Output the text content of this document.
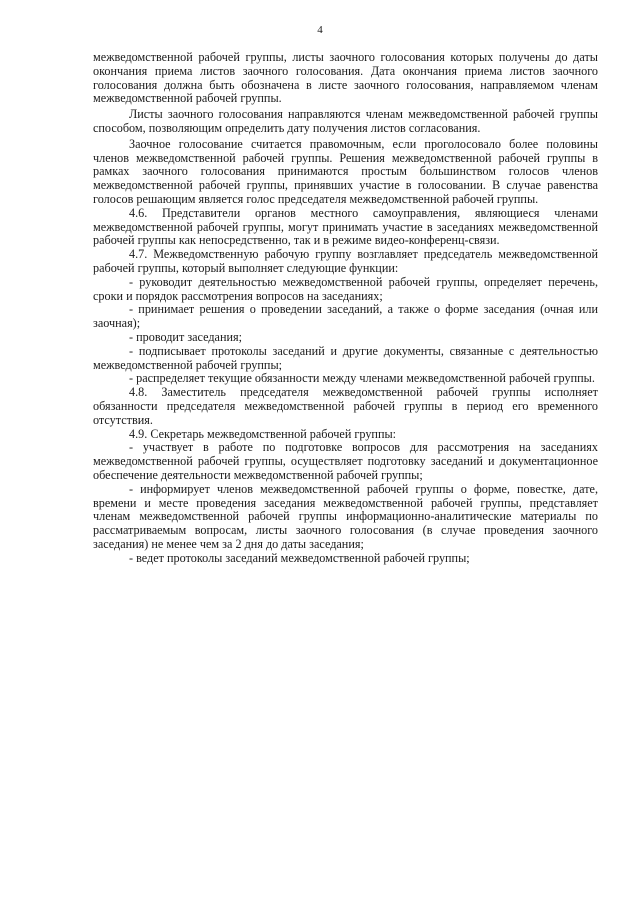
4

межведомственной рабочей группы, листы заочного голосования которых получены до даты окончания приема листов заочного голосования. Дата окончания приема листов заочного голосования должна быть обозначена в листе заочного голосования, направляемом членам межведомственной рабочей группы.

Листы заочного голосования направляются членам межведомственной рабочей группы способом, позволяющим определить дату получения листов согласования.

Заочное голосование считается правомочным, если проголосовало более половины членов межведомственной рабочей группы. Решения межведомственной рабочей группы в рамках заочного голосования принимаются простым большинством голосов членов межведомственной рабочей группы, принявших участие в голосовании. В случае равенства голосов решающим является голос председателя межведомственной рабочей группы.

4.6. Представители органов местного самоуправления, являющиеся членами межведомственной рабочей группы, могут принимать участие в заседаниях межведомственной рабочей группы как непосредственно, так и в режиме видео-конференц-связи.

4.7. Межведомственную рабочую группу возглавляет председатель межведомственной рабочей группы, который выполняет следующие функции:

- руководит деятельностью межведомственной рабочей группы, определяет перечень, сроки и порядок рассмотрения вопросов на заседаниях;

- принимает решения о проведении заседаний, а также о форме заседания (очная или заочная);

- проводит заседания;

- подписывает протоколы заседаний и другие документы, связанные с деятельностью межведомственной рабочей группы;

- распределяет текущие обязанности между членами межведомственной рабочей группы.

4.8. Заместитель председателя межведомственной рабочей группы исполняет обязанности председателя межведомственной рабочей группы в период его временного отсутствия.

4.9. Секретарь межведомственной рабочей группы:

- участвует в работе по подготовке вопросов для рассмотрения на заседаниях межведомственной рабочей группы, осуществляет подготовку заседаний и документационное обеспечение деятельности межведомственной рабочей группы;

- информирует членов межведомственной рабочей группы о форме, повестке, дате, времени и месте проведения заседания межведомственной рабочей группы, представляет членам межведомственной рабочей группы информационно-аналитические материалы по рассматриваемым вопросам, листы заочного голосования (в случае проведения заочного заседания) не менее чем за 2 дня до даты заседания;

- ведет протоколы заседаний межведомственной рабочей группы;
